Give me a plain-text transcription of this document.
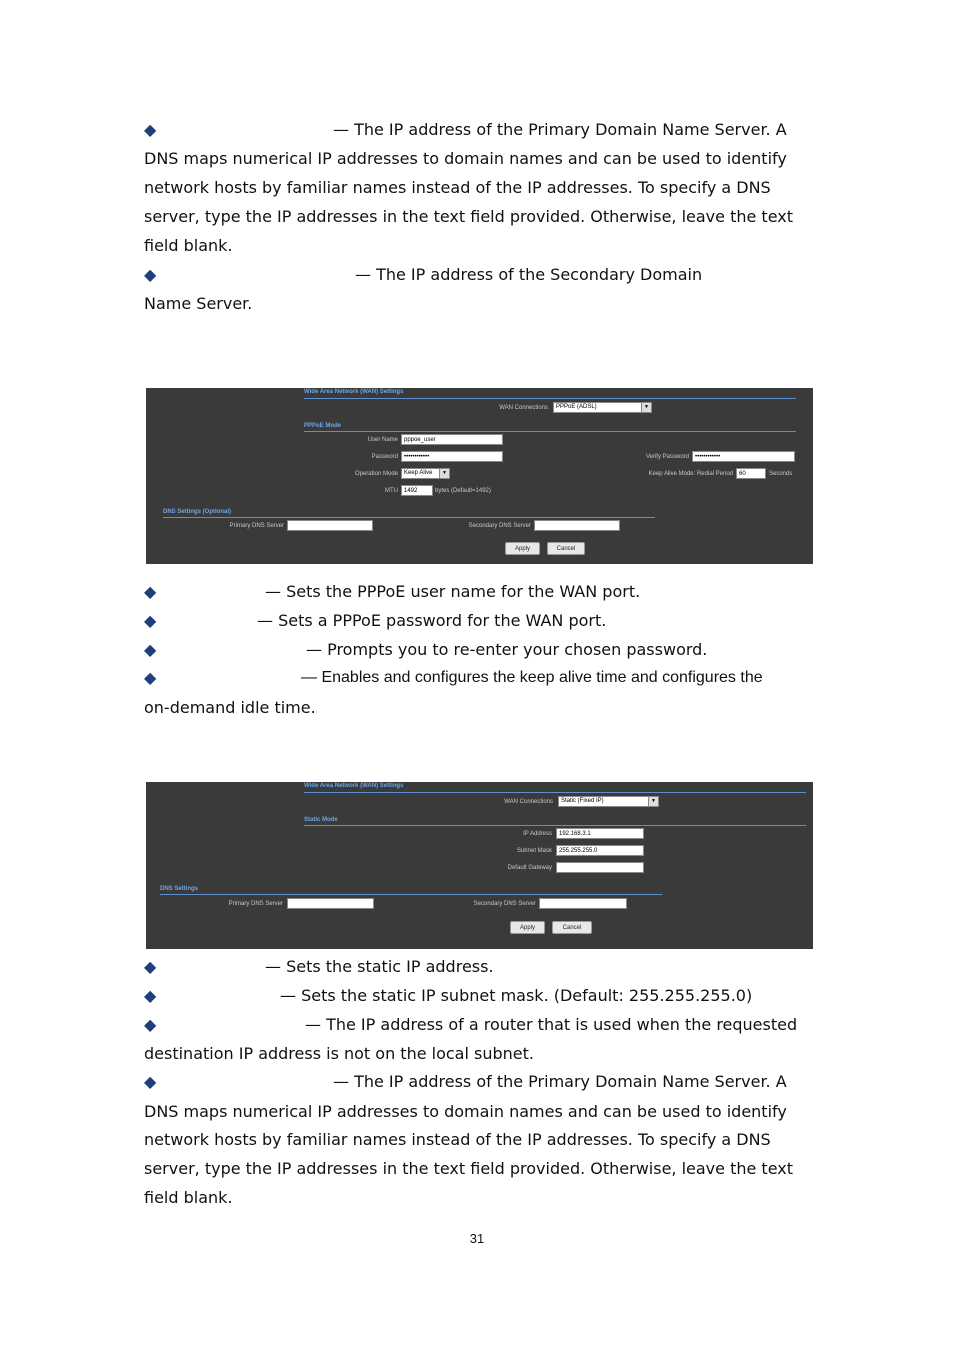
◆	— The IP address of the Primary Domain Name Server. A
DNS maps numerical IP addresses to domain names and can be used to identify
network hosts by familiar names instead of the IP addresses. To specify a DNS
server, type the IP addresses in the text field provided. Otherwise, leave the text
field blank.
◆	— The IP address of the Secondary Domain
Name Server.
Wide Area Network (WAN) Settings
WAN Connections	PPPoE (ADSL)	▼
PPPoE Mode
User Name	pppoe_user
Password	••••••••••••	Verify Password	••••••••••••
Operation Mode	Keep Alive	▼	Keep Alive Mode: Redial Period	60	Seconds
MTU	1492	bytes (Default=1492)
DNS Settings (Optional)
Primary DNS Server	Secondary DNS Server
Apply	Cancel
◆	— Sets the PPPoE user name for the WAN port.
◆	— Sets a PPPoE password for the WAN port.
◆	— Prompts you to re-enter your chosen password.
◆	— Enables and configures the keep alive time and configures the
on-demand idle time.
Wide Area Network (WAN) Settings
WAN Connections	Static (Fixed IP)	▼
Static Mode
IP Address	192.168.3.1
Subnet Mask	255.255.255.0
Default Gateway
DNS Settings
Primary DNS Server	Secondary DNS Server
Apply	Cancel
◆	— Sets the static IP address.
◆	— Sets the static IP subnet mask. (Default: 255.255.255.0)
◆	— The IP address of a router that is used when the requested
destination IP address is not on the local subnet.
◆	— The IP address of the Primary Domain Name Server. A
DNS maps numerical IP addresses to domain names and can be used to identify
network hosts by familiar names instead of the IP addresses. To specify a DNS
server, type the IP addresses in the text field provided. Otherwise, leave the text
field blank.
31
